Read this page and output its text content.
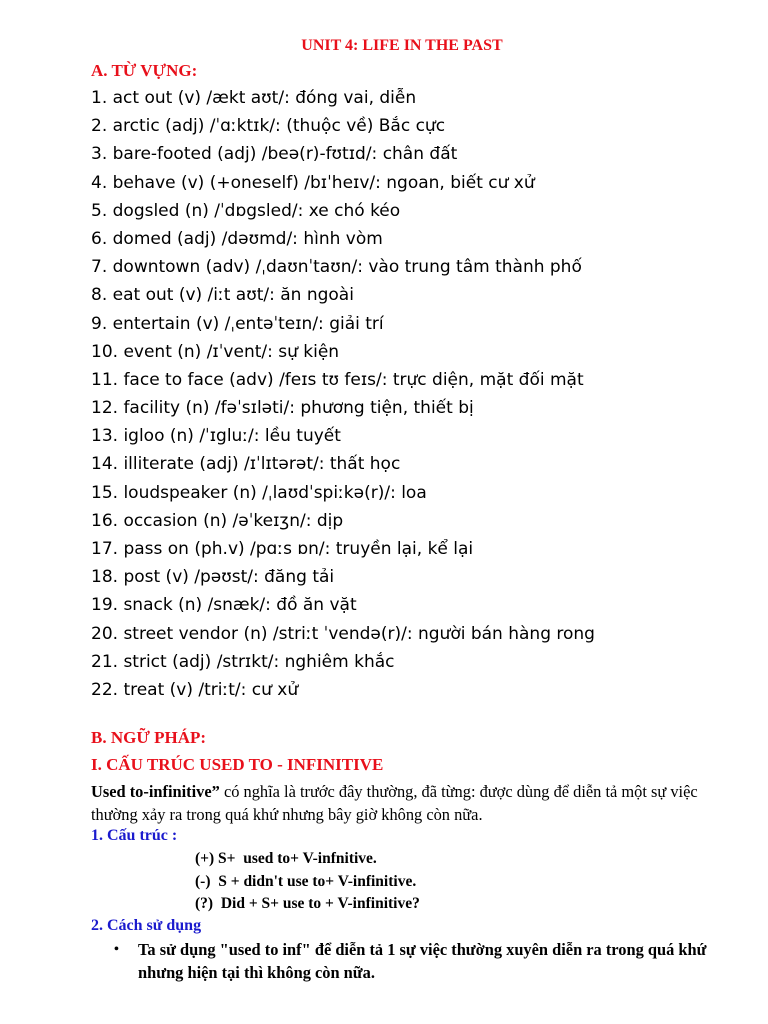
UNIT 4: LIFE IN THE PAST
A. TỪ VỰNG:
1. act out (v) /ækt aʊt/: đóng vai, diễn
2. arctic (adj) /ˈɑːktɪk/: (thuộc về) Bắc cực
3. bare-footed (adj) /beə(r)-fʊtɪd/: chân đất
4. behave (v) (+oneself) /bɪˈheɪv/: ngoan, biết cư xử
5. dogsled (n) /ˈdɒgsled/: xe chó kéo
6. domed (adj) /dəʊmd/: hình vòm
7. downtown (adv) /ˌdaʊnˈtaʊn/: vào trung tâm thành phố
8. eat out (v) /iːt aʊt/: ăn ngoài
9. entertain (v) /ˌentəˈteɪn/: giải trí
10. event (n) /ɪˈvent/: sự kiện
11. face to face (adv) /feɪs tʊ feɪs/: trực diện, mặt đối mặt
12. facility (n) /fəˈsɪləti/: phương tiện, thiết bị
13. igloo (n) /ˈɪgluː/: lều tuyết
14. illiterate (adj) /ɪˈlɪtərət/: thất học
15. loudspeaker (n) /ˌlaʊdˈspiːkə(r)/: loa
16. occasion (n) /əˈkeɪʒn/: dịp
17. pass on (ph.v) /pɑːs ɒn/: truyền lại, kể lại
18. post (v) /pəʊst/: đăng tải
19. snack (n) /snæk/: đồ ăn vặt
20. street vendor (n) /striːt ˈvendə(r)/: người bán hàng rong
21. strict (adj) /strɪkt/: nghiêm khắc
22. treat (v) /triːt/: cư xử
B. NGỮ PHÁP:
I. CẤU TRÚC USED TO - INFINITIVE
Used to-infinitive” có nghĩa là trước đây thường, đã từng: được dùng để diễn tả một sự việc thường xảy ra trong quá khứ nhưng bây giờ không còn nữa.
1. Cấu trúc :
(+) S+  used to+ V-infnitive.
(-)  S + didn't use to+ V-infinitive.
(?)  Did + S+ use to + V-infinitive?
2. Cách sử dụng
•	Ta sử dụng "used to inf" để diễn tả 1 sự việc thường xuyên diễn ra trong quá khứ nhưng hiện tại thì không còn nữa.
